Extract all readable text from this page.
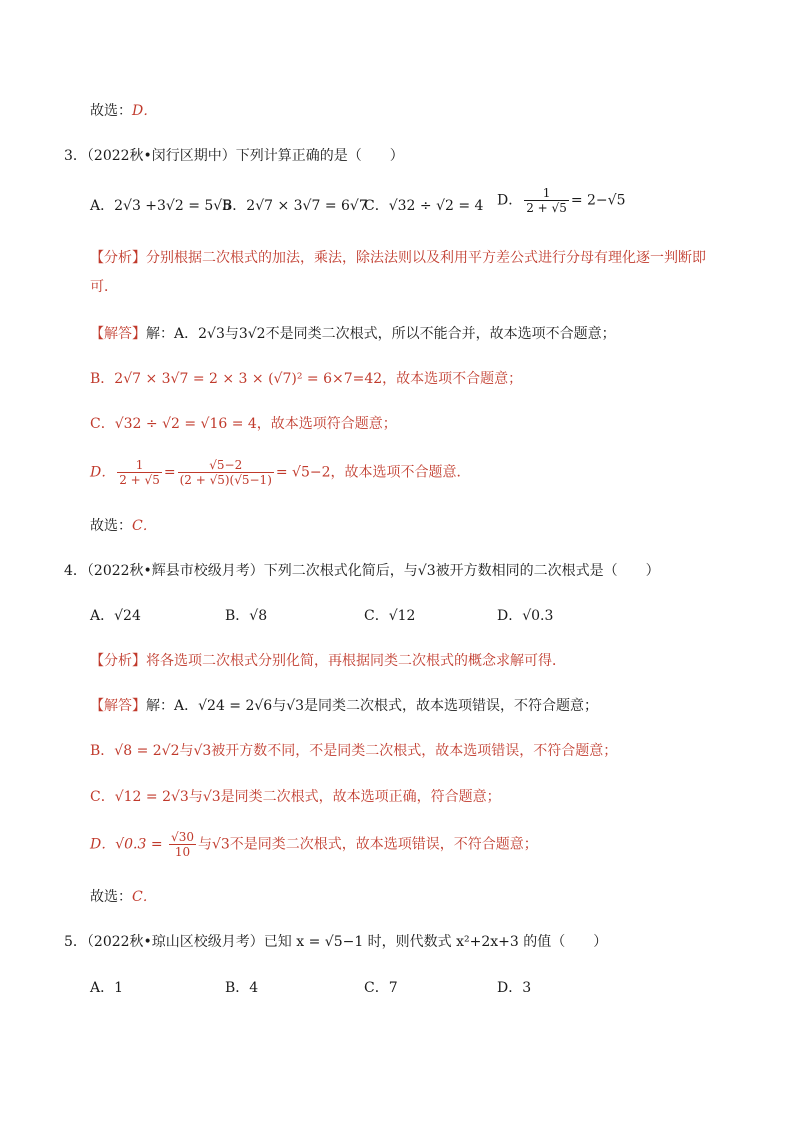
故选：D．
3．（2022秋•闵行区期中）下列计算正确的是（　　）
A．2√3 +3√2 = 5√5
B．2√7 × 3√7 = 6√7
C．√32 ÷ √2 = 4 D． $\frac{1}{2 + √5} = 2-√5$
【分析】分别根据二次根式的加法，乘法，除法法则以及利用平方差公式进行分母有理化逐一判断即
可．
【解答】解：A．2√3与3√2不是同类二次根式，所以不能合并，故本选项不合题意；
B．2√7 × 3√7 = 2 × 3 × (√7)² = 6×7=42，故本选项不合题意；
C．√32 ÷ √2 = √16 = 4，故本选项符合题意；
D． $\frac{1}{2 + √5} = \frac{√5-2}{(2 + √5)(√5-1)} = √5-2$，故本选项不合题意．
故选：C．
4．（2022秋•辉县市校级月考）下列二次根式化简后，与√3被开方数相同的二次根式是（　　）
A．√24	B．√8	C．√12	D．√0.3
【分析】将各选项二次根式分别化简，再根据同类二次根式的概念求解可得．
【解答】解：A．√24 = 2√6与√3是同类二次根式，故本选项错误，不符合题意；
B．√8 = 2√2与√3被开方数不同，不是同类二次根式，故本选项错误，不符合题意；
C．√12 = 2√3与√3是同类二次根式，故本选项正确，符合题意；
D．$√0.3 = \frac{√30}{10}$ 与√3不是同类二次根式，故本选项错误，不符合题意；
故选：C．
5．（2022秋•琼山区校级月考）已知 x = √5−1 时，则代数式 x²+2x+3 的值（　　）
A．1	B．4	C．7	D．3
